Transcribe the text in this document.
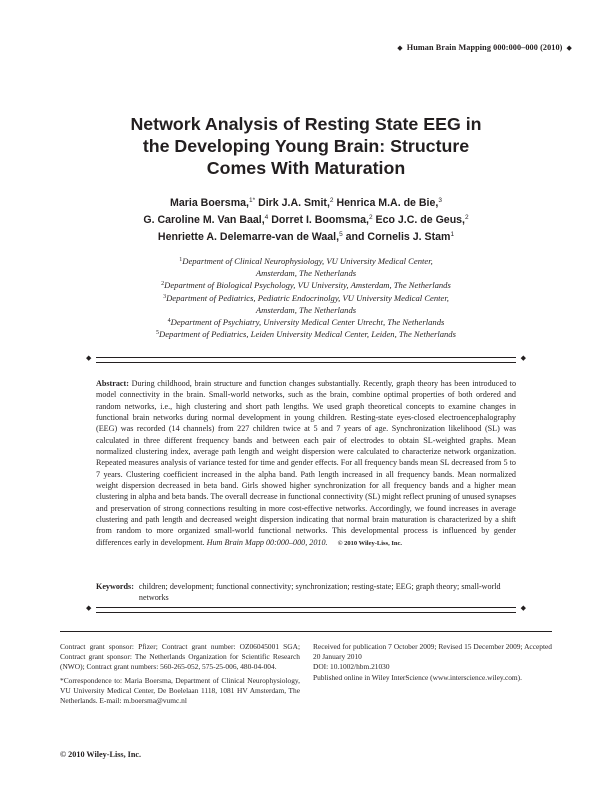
◆ Human Brain Mapping 000:000–000 (2010) ◆
Network Analysis of Resting State EEG in
the Developing Young Brain: Structure
Comes With Maturation
Maria Boersma,$^{1*}$ Dirk J.A. Smit,$^2$ Henrica M.A. de Bie,$^3$
G. Caroline M. Van Baal,$^4$ Dorret I. Boomsma,$^2$ Eco J.C. de Geus,$^2$
Henriette A. Delemarre-van de Waal,$^5$ and Cornelis J. Stam$^1$
$^1$Department of Clinical Neurophysiology, VU University Medical Center,
Amsterdam, The Netherlands
$^2$Department of Biological Psychology, VU University, Amsterdam, The Netherlands
$^3$Department of Pediatrics, Pediatric Endocrinolgy, VU University Medical Center,
Amsterdam, The Netherlands
$^4$Department of Psychiatry, University Medical Center Utrecht, The Netherlands
$^5$Department of Pediatrics, Leiden University Medical Center, Leiden, The Netherlands
◆	◆
Abstract: During childhood, brain structure and function changes substantially. Recently, graph theory has been introduced to model connectivity in the brain. Small-world networks, such as the brain, combine optimal properties of both ordered and random networks, i.e., high clustering and short path lengths. We used graph theoretical concepts to examine changes in functional brain networks during normal development in young children. Resting-state eyes-closed electroencephalography (EEG) was recorded (14 channels) from 227 children twice at 5 and 7 years of age. Synchronization likelihood (SL) was calculated in three different frequency bands and between each pair of electrodes to obtain SL-weighted graphs. Mean normalized clustering index, average path length and weight dispersion were calculated to characterize network organization. Repeated measures analysis of variance tested for time and gender effects. For all frequency bands mean SL decreased from 5 to 7 years. Clustering coefficient increased in the alpha band. Path length increased in all frequency bands. Mean normalized weight dispersion decreased in beta band. Girls showed higher synchronization for all frequency bands and a higher mean clustering in alpha and beta bands. The overall decrease in functional connectivity (SL) might reflect pruning of unused synapses and preservation of strong connections resulting in more cost-effective networks. Accordingly, we found increases in average clustering and path length and decreased weight dispersion indicating that normal brain maturation is characterized by a shift from random to more organized small-world functional networks. This developmental process is influenced by gender differences early in development. Hum Brain Mapp 00:000–000, 2010. © 2010 Wiley-Liss, Inc.
Keywords: children; development; functional connectivity; synchronization; resting-state; EEG; graph theory; small-world networks
◆	◆

Contract grant sponsor: Pfizer; Contract grant number: OZ06045001 SGA; Contract grant sponsor: The Netherlands Organization for Scientific Research (NWO); Contract grant numbers: 560-265-052, 575-25-006, 480-04-004.

*Correspondence to: Maria Boersma, Department of Clinical Neurophysiology, VU University Medical Center, De Boelelaan 1118, 1081 HV Amsterdam, The Netherlands. E-mail: m.boersma@vumc.nl

Received for publication 7 October 2009; Revised 15 December 2009; Accepted 20 January 2010

DOI: 10.1002/hbm.21030

Published online in Wiley InterScience (www.interscience.wiley.com).

© 2010 Wiley-Liss, Inc.
